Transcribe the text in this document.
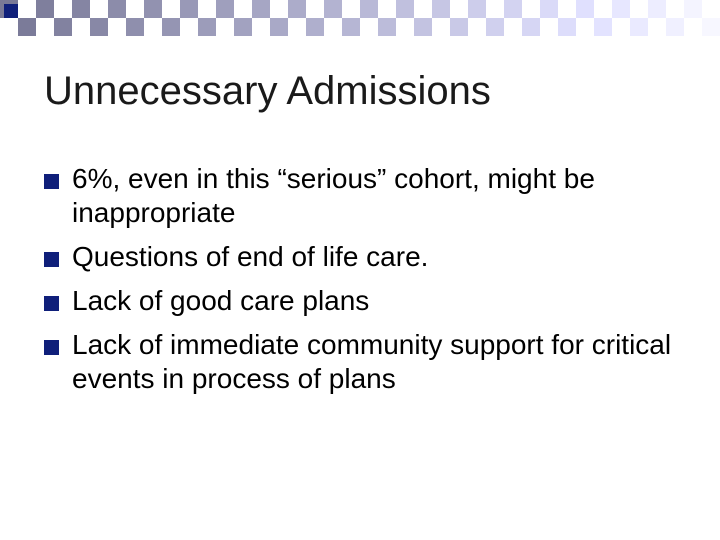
Unnecessary Admissions
6%, even in this “serious” cohort, might be inappropriate
Questions of end of life care.
Lack of good care plans
Lack of immediate community support for critical events in process of plans
